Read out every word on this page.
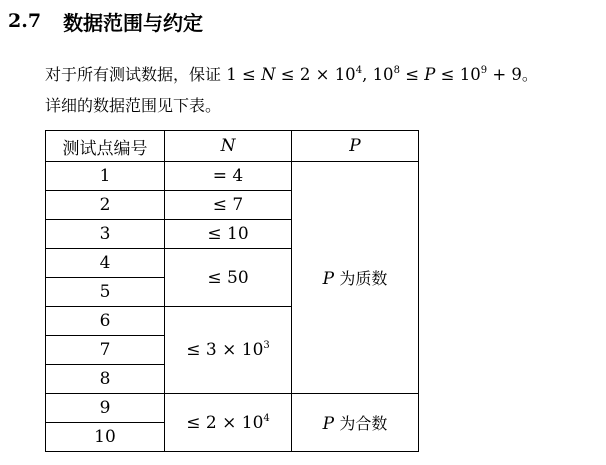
2.7 数据范围与约定
对于所有测试数据，保证 $1 \le N \le 2 \times 10^4$, $10^8 \le P \le 10^9 + 9$。
详细的数据范围见下表。
测试点编号	N	P
1	= 4	P 为质数
2	≤ 7	
3	≤ 10	
4	≤ 50	
5		
6	≤ $3 \times 10^3$
7		
8		
9	≤ $2 \times 10^4$	P 为合数
10		
